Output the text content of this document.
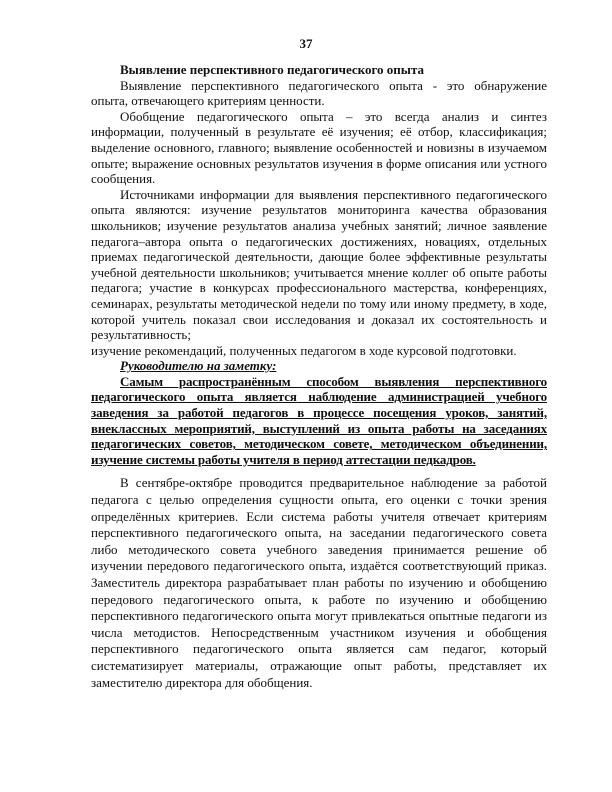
37

Выявление перспективного педагогического опыта

Выявление перспективного педагогического опыта - это обнаружение опыта, отвечающего критериям ценности.

Обобщение педагогического опыта – это всегда анализ и синтез информации, полученный в результате её изучения; её отбор, классификация; выделение основного, главного; выявление особенностей и новизны в изучаемом опыте; выражение основных результатов изучения в форме описания или устного сообщения.

Источниками информации для выявления перспективного педагогического опыта являются: изучение результатов мониторинга качества образования школьников; изучение результатов анализа учебных занятий; личное заявление педагога–автора опыта о педагогических достижениях, новациях, отдельных приемах педагогической деятельности, дающие более эффективные результаты учебной деятельности школьников; учитывается мнение коллег об опыте работы педагога; участие в конкурсах профессионального мастерства, конференциях, семинарах, результаты методической недели по тому или иному предмету, в ходе, которой учитель показал свои исследования и доказал их состоятельность и результативность;

изучение рекомендаций, полученных педагогом в ходе курсовой подготовки.

Руководителю на заметку:

Самым распространённым способом выявления перспективного педагогического опыта является наблюдение администрацией учебного заведения за работой педагогов в процессе посещения уроков, занятий, внеклассных мероприятий, выступлений из опыта работы на заседаниях педагогических советов, методическом совете, методическом объединении, изучение системы работы учителя в период аттестации педкадров.

В сентябре-октябре проводится предварительное наблюдение за работой педагога с целью определения сущности опыта, его оценки с точки зрения определённых критериев. Если система работы учителя отвечает критериям перспективного педагогического опыта, на заседании педагогического совета либо методического совета учебного заведения принимается решение об изучении передового педагогического опыта, издаётся соответствующий приказ. Заместитель директора разрабатывает план работы по изучению и обобщению передового педагогического опыта, к работе по изучению и обобщению перспективного педагогического опыта могут привлекаться опытные педагоги из числа методистов. Непосредственным участником изучения и обобщения перспективного педагогического опыта является сам педагог, который систематизирует материалы, отражающие опыт работы, представляет их заместителю директора для обобщения.
